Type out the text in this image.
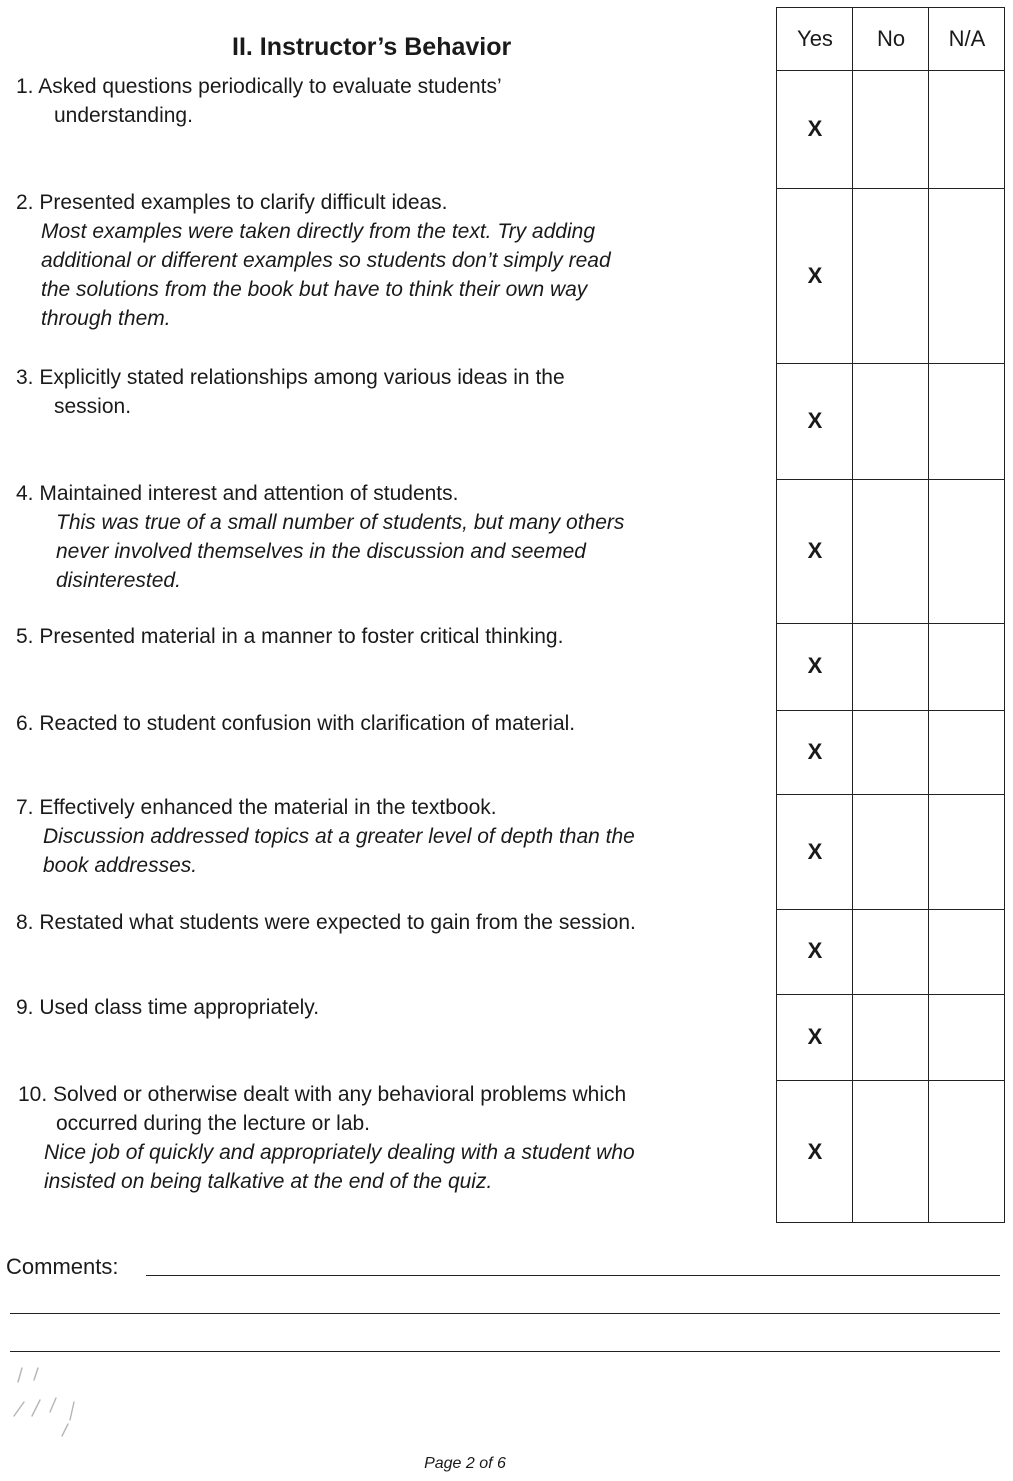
II. Instructor’s Behavior
1. Asked questions periodically to evaluate students’
understanding.
2. Presented examples to clarify difficult ideas.
Most examples were taken directly from the text. Try adding
additional or different examples so students don’t simply read
the solutions from the book but have to think their own way
through them.
3. Explicitly stated relationships among various ideas in the
session.
4. Maintained interest and attention of students.
This was true of a small number of students, but many others
never involved themselves in the discussion and seemed
disinterested.
5. Presented material in a manner to foster critical thinking.
6. Reacted to student confusion with clarification of material.
7. Effectively enhanced the material in the textbook.
Discussion addressed topics at a greater level of depth than the
book addresses.
8. Restated what students were expected to gain from the session.
9. Used class time appropriately.
10. Solved or otherwise dealt with any behavioral problems which
occurred during the lecture or lab.
Nice job of quickly and appropriately dealing with a student who
insisted on being talkative at the end of the quiz.
Yes	No	N/A
X
X
X
X
X
X
X
X
X
X
Comments:
Page 2 of 6
